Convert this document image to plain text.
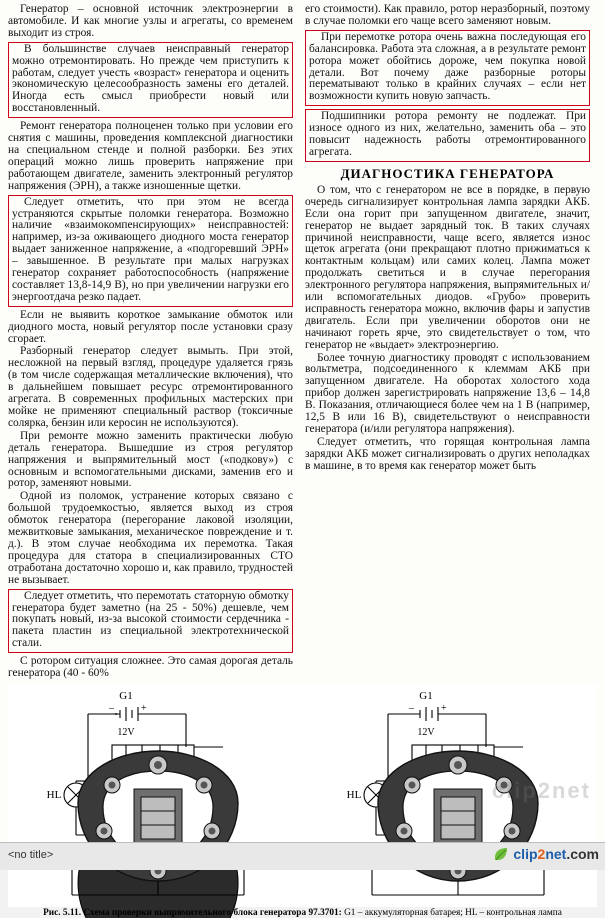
Генератор – основной источник электроэнергии в автомобиле. И как многие узлы и агрегаты, со временем выходит из строя.

В большинстве случаев неисправный генератор можно отремонтировать. Но прежде чем приступить к работам, следует учесть «возраст» генератора и оценить экономическую целесообразность замены его деталей. Иногда есть смысл приобрести новый или восстановленный.

Ремонт генератора полноценен только при условии его снятия с машины, проведения комплексной диагностики на специальном стенде и полной разборки. Без этих операций можно лишь проверить напряжение при работающем двигателе, заменить электронный регулятор напряжения (ЭРН), а также изношенные щетки.

Следует отметить, что при этом не всегда устраняются скрытые поломки генератора. Возможно наличие «взаимокомпенсирующих» неисправностей: например, из-за оживающего диодного моста генератор выдает заниженное напряжение, а «подгоревший ЭРН» – завышенное. В результате при малых нагрузках генератор сохраняет работоспособность (напряжение составляет 13,8-14,9 В), но при увеличении нагрузки его энергоотдача резко падает.

Если не выявить короткое замыкание обмоток или диодного моста, новый регулятор после установки сразу сгорает.

Разборный генератор следует вымыть. При этой, несложной на первый взгляд, процедуре удаляется грязь (в том числе содержащая металлические включения), что в дальнейшем повышает ресурс отремонтированного агрегата. В современных профильных мастерских при мойке не применяют специальный раствор (токсичные солярка, бензин или керосин не используются).

При ремонте можно заменить практически любую деталь генератора. Вышедшие из строя регулятор напряжения и выпрямительный мост («подкову») с основным и вспомогательными дисками, заменив его и ротор, заменяют новыми.

Одной из поломок, устранение которых связано с большой трудоемкостью, является выход из строя обмоток генератора (перегорание лаковой изоляции, межвитковые замыкания, механическое повреждение и т. д.). В этом случае необходима их перемотка. Такая процедура для статора в специализированных СТО отработана достаточно хорошо и, как правило, трудностей не вызывает.

Следует отметить, что перемотать статорную обмотку генератора будет заметно (на 25 - 50%) дешевле, чем покупать новый, из-за высокой стоимости сердечника - пакета пластин из специальной электротехнической стали.

С ротором ситуация сложнее. Это самая дорогая деталь генератора (40 - 60%

его стоимости). Как правило, ротор неразборный, поэтому в случае поломки его чаще всего заменяют новым.

При перемотке ротора очень важна последующая его балансировка. Работа эта сложная, а в результате ремонт ротора может обойтись дороже, чем покупка новой детали. Вот почему даже разборные роторы перематывают только в крайних случаях – если нет возможности купить новую запчасть.

Подшипники ротора ремонту не подлежат. При износе одного из них, желательно, заменить оба – это повысит надежность работы отремонтированного агрегата.

ДИАГНОСТИКА ГЕНЕРАТОРА

О том, что с генератором не все в порядке, в первую очередь сигнализирует контрольная лампа зарядки АКБ. Если она горит при запущенном двигателе, значит, генератор не выдает зарядный ток. В таких случаях причиной неисправности, чаще всего, является износ щеток агрегата (они прекращают плотно прижиматься к контактным кольцам) или самих колец. Лампа может продолжать светиться и в случае перегорания электронного регулятора напряжения, выпрямительных и/или вспомогательных диодов. «Грубо» проверить исправность генератора можно, включив фары и запустив двигатель. Если при увеличении оборотов они не начинают гореть ярче, это свидетельствует о том, что генератор не «выдает» электроэнергию.

Более точную диагностику проводят с использованием вольтметра, подсоединенного к клеммам АКБ при запущенном двигателе. На оборотах холостого хода прибор должен зарегистрировать напряжение 13,6 – 14,8 В. Показания, отличающиеся более чем на 1 В (например, 12,5 В или 16 В), свидетельствуют о неисправности генератора (и/или регулятора напряжения).

Следует отметить, что горящая контрольная лампа зарядки АКБ может сигнализировать о других неполадках в машине, в то время как генератор может быть

G1
12V
–	+
HL
G1
12V
–	+
HL
Рис. 5.11. Схема проверки выпрямительного блока генератора 97.3701: G1 – аккумуляторная батарея; HL – контрольная лампа
clip2net
<no title>	clip2net.com
